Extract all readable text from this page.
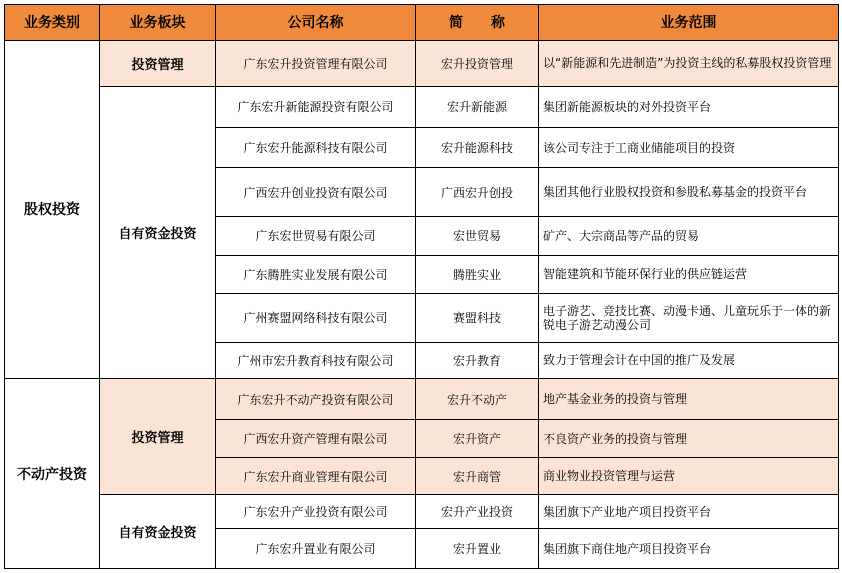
业务类别	业务板块	公司名称	简　　称	业务范围
股权投资	投资管理	广东宏升投资管理有限公司	宏升投资管理	以“新能源和先进制造”为投资主线的私募股权投资管理
	自有资金投资	广东宏升新能源投资有限公司	宏升新能源	集团新能源板块的对外投资平台
		广东宏升能源科技有限公司	宏升能源科技	该公司专注于工商业储能项目的投资
		广西宏升创业投资有限公司	广西宏升创投	集团其他行业股权投资和参股私募基金的投资平台
		广东宏世贸易有限公司	宏世贸易	矿产、大宗商品等产品的贸易
		广东腾胜实业发展有限公司	腾胜实业	智能建筑和节能环保行业的供应链运营
		广州赛盟网络科技有限公司	赛盟科技	电子游艺、竞技比赛、动漫卡通、儿童玩乐于一体的新锐电子游艺动漫公司
		广州市宏升教育科技有限公司	宏升教育	致力于管理会计在中国的推广及发展
不动产投资	投资管理	广东宏升不动产投资有限公司	宏升不动产	地产基金业务的投资与管理
		广西宏升资产管理有限公司	宏升资产	不良资产业务的投资与管理
		广东宏升商业管理有限公司	宏升商管	商业物业投资管理与运营
	自有资金投资	广东宏升产业投资有限公司	宏升产业投资	集团旗下产业地产项目投资平台
		广东宏升置业有限公司	宏升置业	集团旗下商住地产项目投资平台
